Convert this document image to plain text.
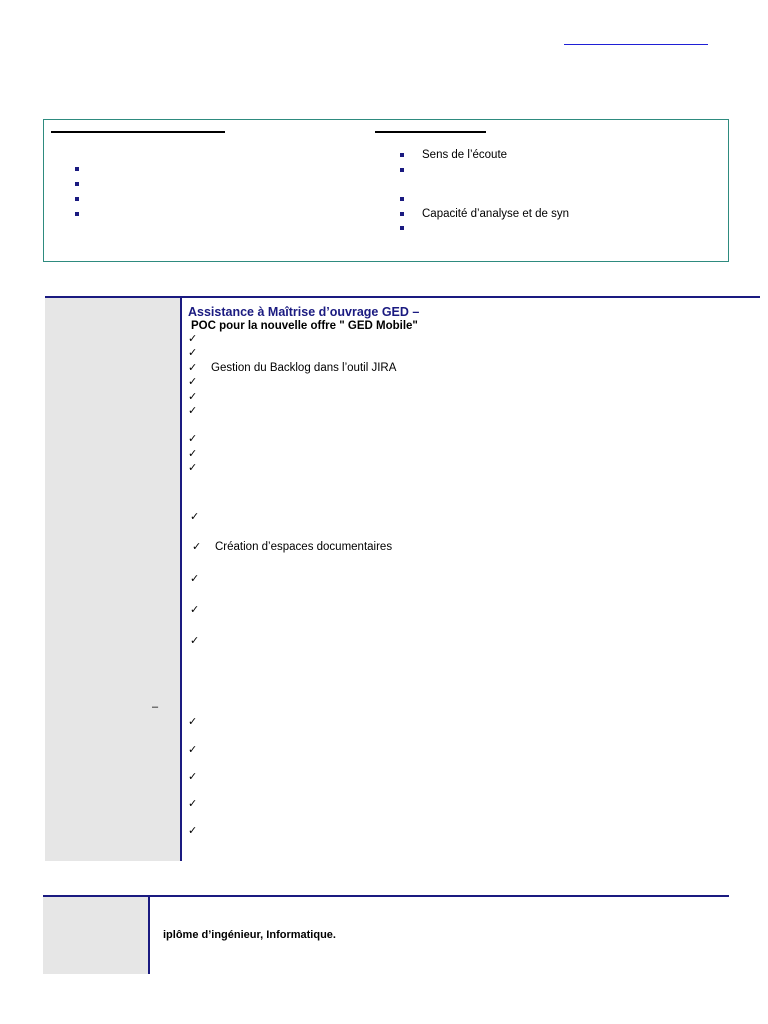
Sens de l’écoute
Capacité d’analyse et de syn
–
Assistance à Maîtrise d’ouvrage GED –
POC pour la nouvelle offre " GED Mobile"
✓
✓
✓ Gestion du Backlog dans l’outil JIRA
✓
✓
✓
✓
✓
✓
✓
✓ Création d’espaces documentaires
✓
✓
✓
✓
✓
✓
✓
✓
iplôme d’ingénieur, Informatique.
